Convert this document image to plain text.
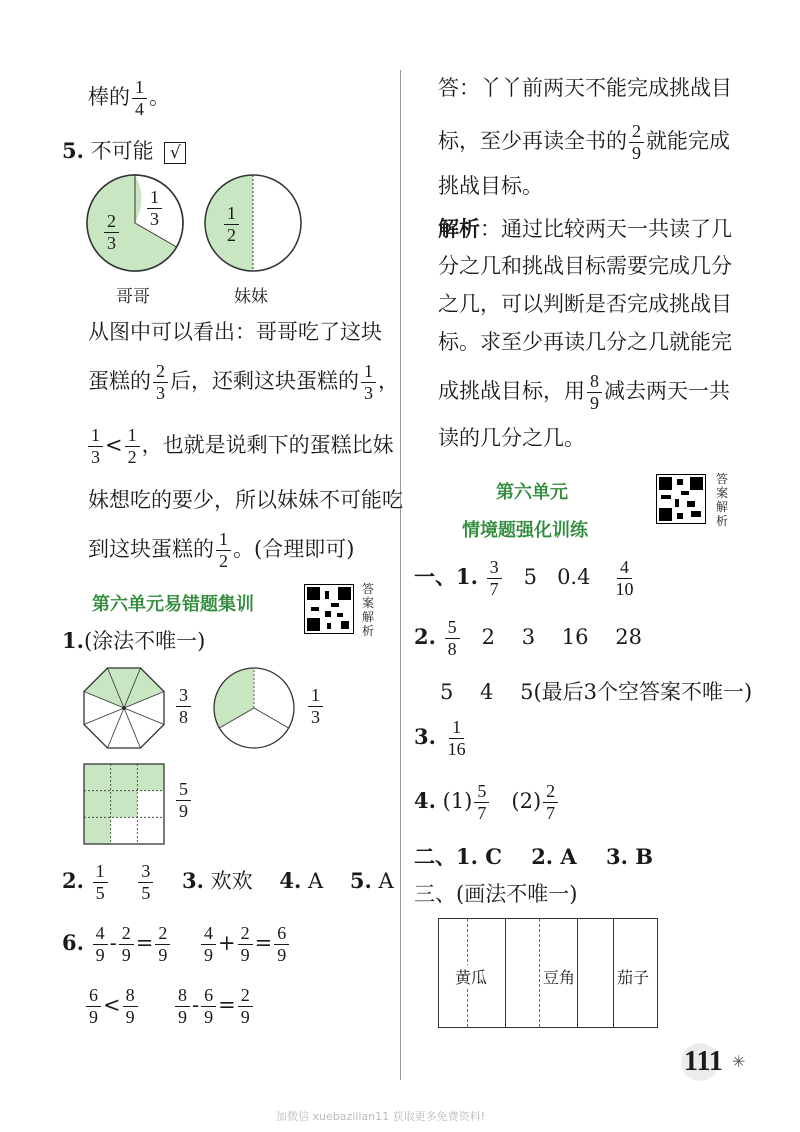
棒的 $\frac{1}{4}$ 。
5. 不可能 √
$\frac{1}{3}$
$\frac{2}{3}$
哥哥
$\frac{1}{2}$
妹妹
从图中可以看出：哥哥吃了这块
蛋糕的 $\frac{2}{3}$ 后，还剩这块蛋糕的 $\frac{1}{3}$ ，
$\frac{1}{3} < \frac{1}{2}$ ，也就是说剩下的蛋糕比妹
妹想吃的要少，所以妹妹不可能吃
到这块蛋糕的 $\frac{1}{2}$ 。(合理即可)
第六单元易错题集训
答案解析
1.(涂法不唯一)
$\frac{3}{8}$	$\frac{1}{3}$
$\frac{5}{9}$
2. $\frac{1}{5}$
$\frac{3}{5} 3$. 欢欢 4. A 5. A
6. $\frac{4}{9} - \frac{2}{9} = \frac{2}{9}$
$\frac{4}{9} + \frac{2}{9} = \frac{6}{9}$
$\frac{6}{9} < \frac{8}{9}$
$\frac{8}{9} - \frac{6}{9} = \frac{2}{9}$
答：丫丫前两天不能完成挑战目
标，至少再读全书的 $\frac{2}{9}$ 就能完成
挑战目标。
解析：通过比较两天一共读了几
分之几和挑战目标需要完成几分
之几，可以判断是否完成挑战目
标。求至少再读几分之几就能完
成挑战目标，用 $\frac{8}{9}$ 减去两天一共
读的几分之几。
第六单元
情境题强化训练
答案解析
一、1. $\frac{3}{7} 5$ $0.4 \frac{4}{10}$
2. $\frac{5}{8} 2$    3    16    28
5    4    5(最后3个空答案不唯一)
3. $\frac{1}{16}$
4. $(1) \frac{5}{7} (2) \frac{2}{7}$
二、1. C    2. A    3. B
三、(画法不唯一)
黄瓜	豆角	茄子
111 ✳
加微信 xuebazilian11 获取更多免费资料!
